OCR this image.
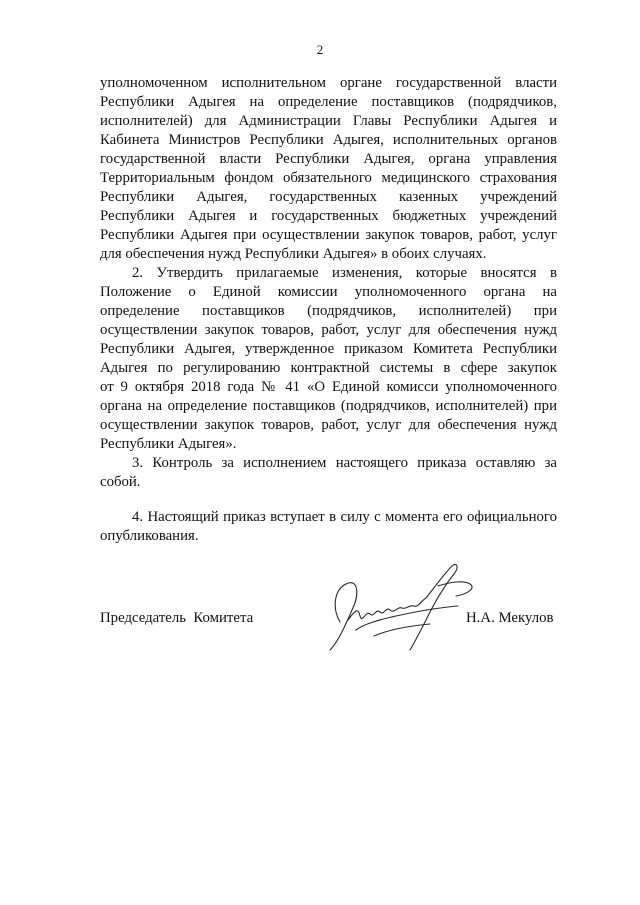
2
уполномоченном исполнительном органе государственной власти
Республики Адыгея на определение поставщиков (подрядчиков,
исполнителей) для Администрации Главы Республики Адыгея и
Кабинета Министров Республики Адыгея, исполнительных органов
государственной власти Республики Адыгея, органа управления
Территориальным фондом обязательного медицинского страхования
Республики Адыгея, государственных казенных учреждений
Республики Адыгея и государственных бюджетных учреждений
Республики Адыгея при осуществлении закупок товаров, работ, услуг
для обеспечения нужд Республики Адыгея» в обоих случаях.
2. Утвердить прилагаемые изменения, которые вносятся в
Положение о Единой комиссии уполномоченного органа на
определение поставщиков (подрядчиков, исполнителей) при
осуществлении закупок товаров, работ, услуг для обеспечения нужд
Республики Адыгея, утвержденное приказом Комитета Республики
Адыгея по регулированию контрактной системы в сфере закупок
от 9 октября 2018 года № 41 «О Единой комисси уполномоченного
органа на определение поставщиков (подрядчиков, исполнителей) при
осуществлении закупок товаров, работ, услуг для обеспечения нужд
Республики Адыгея».
3. Контроль за исполнением настоящего приказа оставляю за
собой.
4. Настоящий приказ вступает в силу с момента его официального
опубликования.
Председатель  Комитета	Н.А. Мекулов
